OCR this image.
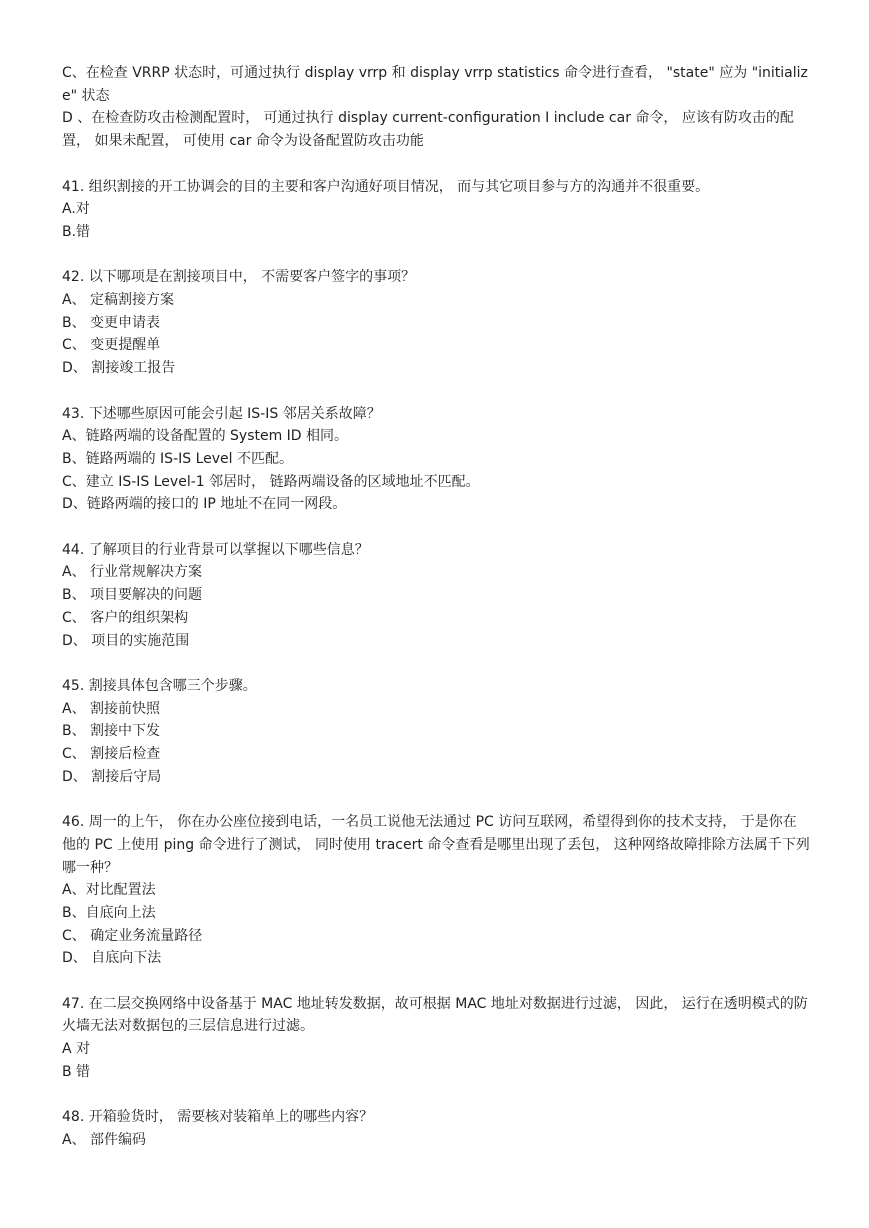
C、在检查 VRRP 状态时，可通过执行 display vrrp 和 display vrrp statistics 命令进行查看， "state" 应为 "initialize" 状态

D 、在检查防攻击检测配置时， 可通过执行 display current-configuration I include car 命令， 应该有防攻击的配置， 如果未配置， 可使用 car 命令为设备配置防攻击功能

41. 组织割接的开工协调会的目的主要和客户沟通好项目情况， 而与其它项目参与方的沟通并不很重要。

A.对

B.错

42. 以下哪项是在割接项目中， 不需要客户签字的事项？

A、 定稿割接方案

B、 变更申请表

C、 变更提醒单

D、 割接竣工报告

43. 下述哪些原因可能会引起 IS-IS 邻居关系故障？

A、链路两端的设备配置的 System ID 相同。

B、链路两端的 IS-IS Level 不匹配。

C、建立 IS-IS Level-1 邻居时， 链路两端设备的区域地址不匹配。

D、链路两端的接口的 IP 地址不在同一网段。

44. 了解项目的行业背景可以掌握以下哪些信息？

A、 行业常规解决方案

B、 项目要解决的问题

C、 客户的组织架构

D、 项目的实施范围

45. 割接具体包含哪三个步骤。

A、 割接前快照

B、 割接中下发

C、 割接后检查

D、 割接后守局

46. 周一的上午， 你在办公座位接到电话，一名员工说他无法通过 PC 访问互联网，希望得到你的技术支持， 于是你在他的 PC 上使用 ping 命令进行了测试， 同时使用 tracert 命令查看是哪里出现了丢包， 这种网络故障排除方法属千下列哪一种？

A、对比配置法

B、自底向上法

C、 确定业务流量路径

D、 自底向下法

47. 在二层交换网络中设备基于 MAC 地址转发数据，故可根据 MAC 地址对数据进行过滤， 因此， 运行在透明模式的防火墙无法对数据包的三层信息进行过滤。

A 对

B 错

48. 开箱验货时， 需要核对装箱单上的哪些内容？

A、 部件编码
